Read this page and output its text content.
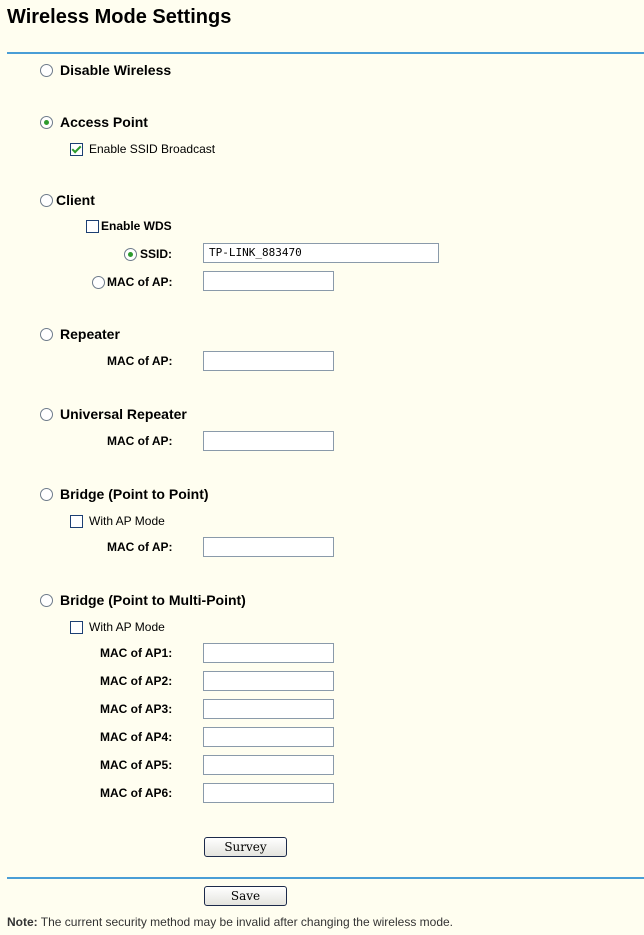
Wireless Mode Settings
Disable Wireless
Access Point
Enable SSID Broadcast
Client
Enable WDS
SSID:	TP-LINK_883470
MAC of AP:
Repeater
MAC of AP:
Universal Repeater
MAC of AP:
Bridge (Point to Point)
With AP Mode
MAC of AP:
Bridge (Point to Multi-Point)
With AP Mode
MAC of AP1:
MAC of AP2:
MAC of AP3:
MAC of AP4:
MAC of AP5:
MAC of AP6:
Survey
Save
Note: The current security method may be invalid after changing the wireless mode.
